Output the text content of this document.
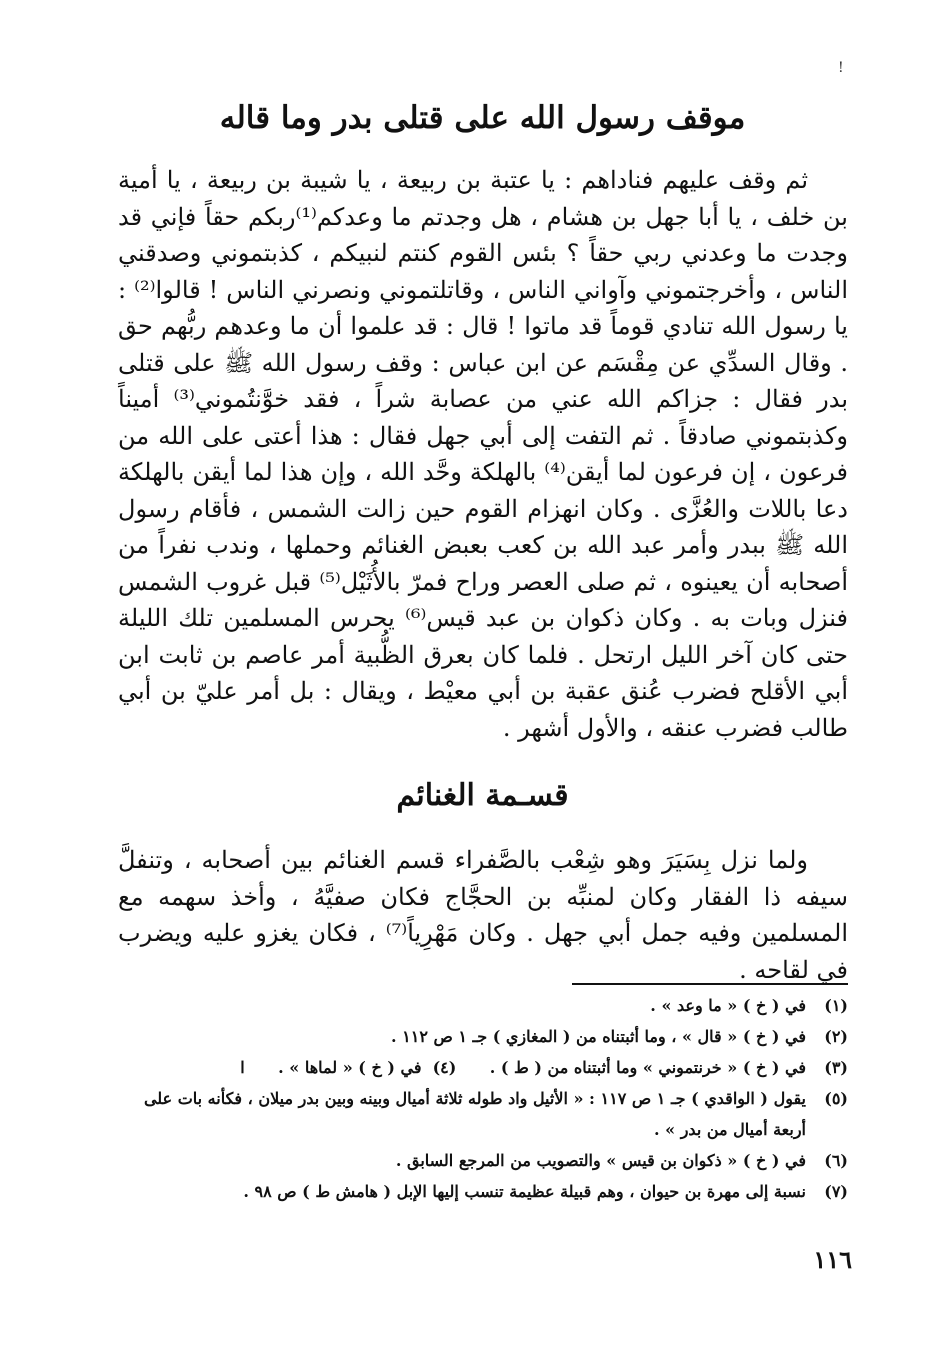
!
موقف رسول الله على قتلى بدر وما قاله

ثم وقف عليهم فناداهم : يا عتبة بن ربيعة ، يا شيبة بن ربيعة ، يا أمية بن خلف ، يا أبا جهل بن هشام ، هل وجدتم ما وعدكم⁽¹⁾ربكم حقاً فإني قد وجدت ما وعدني ربي حقاً ؟ بئس القوم كنتم لنبيكم ، كذبتموني وصدقني الناس ، وأخرجتموني وآواني الناس ، وقاتلتموني ونصرني الناس ! قالوا⁽²⁾ : يا رسول الله تنادي قوماً قد ماتوا ! قال : قد علموا أن ما وعدهم ربُّهم حق . وقال السدِّي عن مِقْسَم عن ابن عباس : وقف رسول الله ﷺ على قتلى بدر فقال : جزاكم الله عني من عصابة شراً ، فقد خوَّنتُموني⁽³⁾ أميناً وكذبتموني صادقاً . ثم التفت إلى أبي جهل فقال : هذا أعتى على الله من فرعون ، إن فرعون لما أيقن⁽⁴⁾ بالهلكة وحَّد الله ، وإن هذا لما أيقن بالهلكة دعا باللات والعُزَّى . وكان انهزام القوم حين زالت الشمس ، فأقام رسول الله ﷺ ببدر وأمر عبد الله بن كعب بعبض الغنائم وحملها ، وندب نفراً من أصحابه أن يعينوه ، ثم صلى العصر وراح فمرّ بالأُثَيْل⁽⁵⁾ قبل غروب الشمس فنزل وبات به . وكان ذكوان بن عبد قيس⁽⁶⁾ يحرس المسلمين تلك الليلة حتى كان آخر الليل ارتحل . فلما كان بعرق الظُّبية أمر عاصم بن ثابت ابن أبي الأقلح فضرب عُنق عقبة بن أبي معيْط ، ويقال : بل أمر عليّ بن أبي طالب فضرب عنقه ، والأول أشهر .

قسـمة الغنائم

ولما نزل بِسَيَرَ وهو شِعْب بالصَّفراء قسم الغنائم بين أصحابه ، وتنفلَّ سيفه ذا الفقار وكان لمنبِّه بن الحجَّاج فكان صفيَّهُ ، وأخذ سهمه مع المسلمين وفيه جمل أبي جهل . وكان مَهْرِياً⁽⁷⁾ ، فكان يغزو عليه ويضرب في لقاحه .

(١)
في ( خ ) « ما وعد » .
(٢)
في ( خ ) « قال » ، وما أثبتناه من ( المغازي ) جـ ١ ص ١١٢ .
(٣)
في ( خ ) « خرنتموني » وما أثبتناه من ( ط ) .      (٤)  في ( خ ) « لماها » .      ا
(٥)
يقول ( الواقدي ) جـ ١ ص ١١٧ : « الأثيل واد طوله ثلاثة أميال وبينه وبين بدر ميلان ، فكأنه بات على أربعة أميال من بدر » .
(٦)
في ( خ ) « ذكوان بن قيس » والتصويب من المرجع السابق .
(٧)
نسبة إلى مهرة بن حيوان ، وهم قبيلة عظيمة تنسب إليها الإبل ( هامش ط ) ص ٩٨ .
١١٦
